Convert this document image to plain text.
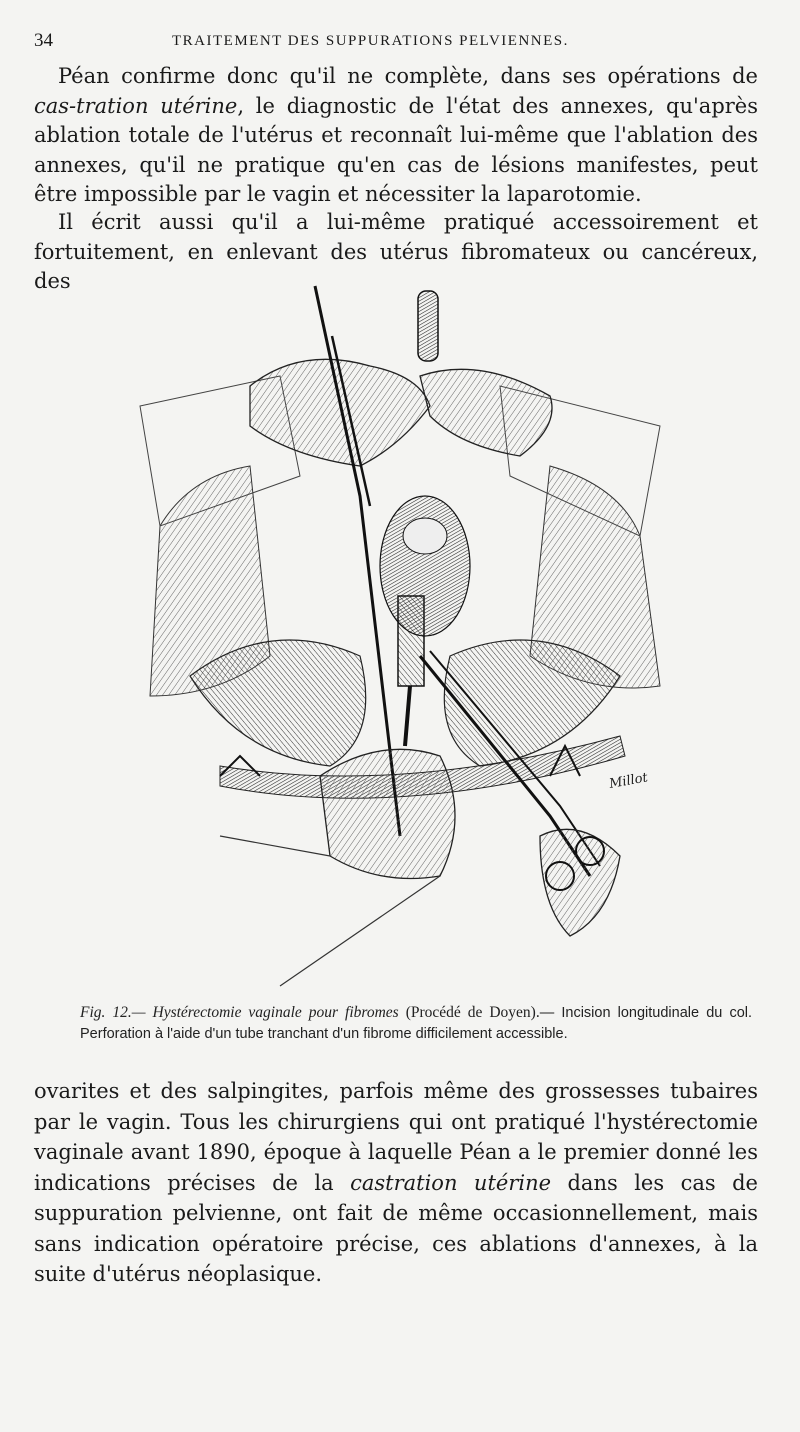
34	TRAITEMENT DES SUPPURATIONS PELVIENNES.

Péan confirme donc qu'il ne complète, dans ses opérations de cas-tration utérine, le diagnostic de l'état des annexes, qu'après ablation totale de l'utérus et reconnaît lui-même que l'ablation des annexes, qu'il ne pratique qu'en cas de lésions manifestes, peut être impossible par le vagin et nécessiter la laparotomie.

Il écrit aussi qu'il a lui-même pratiqué accessoirement et fortuitement, en enlevant des utérus fibromateux ou cancéreux, des

Millot

Fig. 12.— Hystérectomie vaginale pour fibromes (Procédé de Doyen).— Incision longitudinale du col. Perforation à l'aide d'un tube tranchant d'un fibrome difficilement accessible.

ovarites et des salpingites, parfois même des grossesses tubaires par le vagin. Tous les chirurgiens qui ont pratiqué l'hystérectomie vaginale avant 1890, époque à laquelle Péan a le premier donné les indications précises de la castration utérine dans les cas de suppuration pelvienne, ont fait de même occasionnellement, mais sans indication opératoire précise, ces ablations d'annexes, à la suite d'utérus néoplasique.
